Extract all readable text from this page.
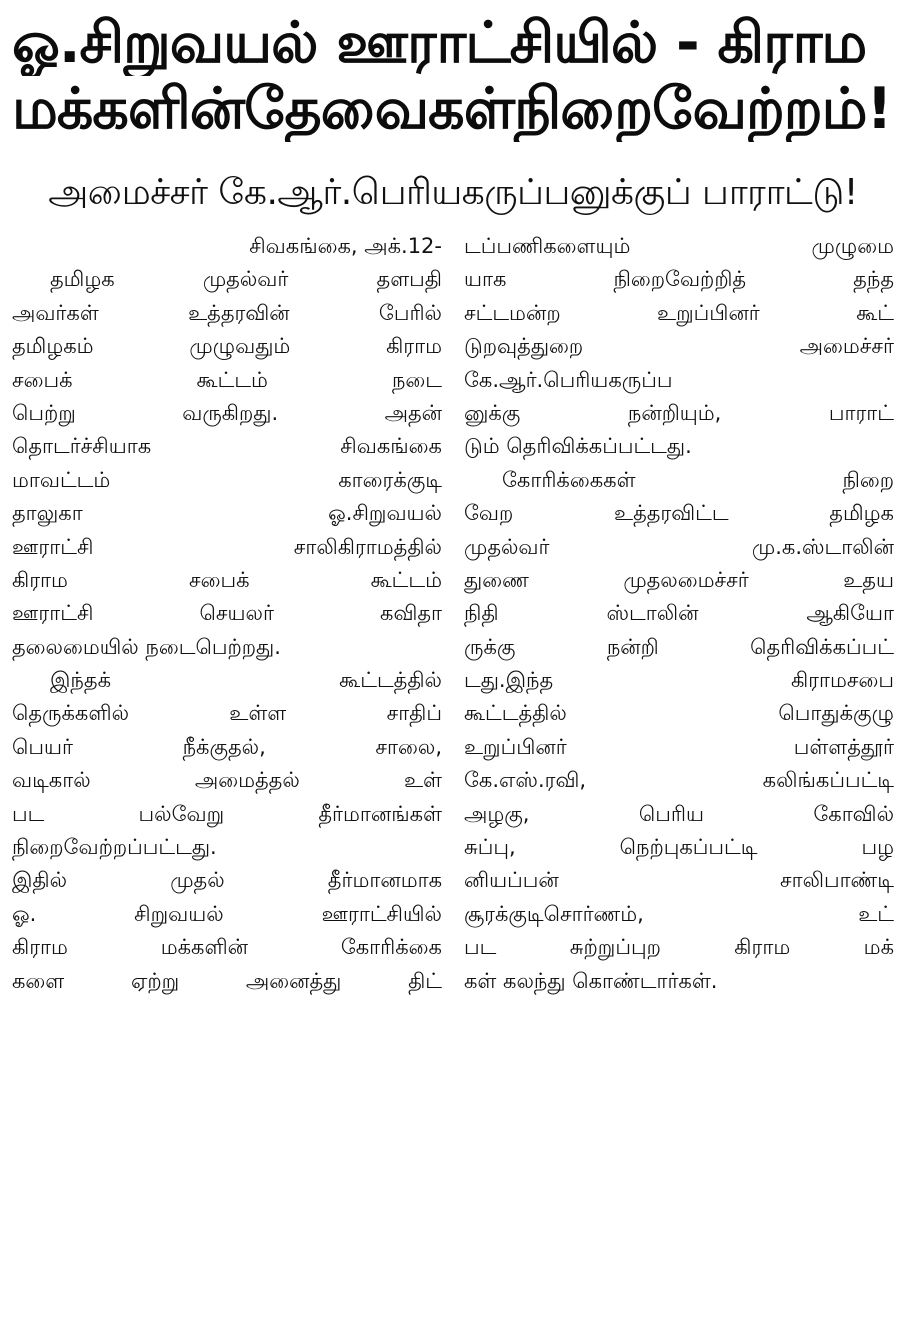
ஓ.சிறுவயல் ஊராட்சியில் - கிராம
மக்களின் தேவைகள் நிறைவேற்றம்!
அமைச்சர் கே.ஆர்.பெரியகருப்பனுக்குப் பாராட்டு!
சிவகங்கை, அக்.12-
தமிழக முதல்வர் தளபதி
அவர்கள் உத்தரவின் பேரில்
தமிழகம் முழுவதும் கிராம
சபைக் கூட்டம் நடை
பெற்று வருகிறது. அதன்
தொடர்ச்சியாக சிவகங்கை
மாவட்டம் காரைக்குடி
தாலுகா ஓ.சிறுவயல்
ஊராட்சி சாலிகிராமத்தில்
கிராம சபைக் கூட்டம்
ஊராட்சி செயலர் கவிதா
தலைமையில் நடைபெற்றது.
இந்தக் கூட்டத்தில்
தெருக்களில் உள்ள சாதிப்
பெயர் நீக்குதல், சாலை,
வடிகால் அமைத்தல் உள்
பட பல்வேறு தீர்மானங்கள்
நிறைவேற்றப்பட்டது.
இதில் முதல் தீர்மானமாக
ஓ. சிறுவயல் ஊராட்சியில்
கிராம மக்களின் கோரிக்கை
களை ஏற்று அனைத்து திட்
டப்பணிகளையும் முழுமை
யாக நிறைவேற்றித் தந்த
சட்டமன்ற உறுப்பினர் கூட்
டுறவுத்துறை அமைச்சர்
கே.ஆர்.பெரியகருப்ப
னுக்கு நன்றியும், பாராட்
டும் தெரிவிக்கப்பட்டது.
கோரிக்கைகள் நிறை
வேற உத்தரவிட்ட தமிழக
முதல்வர் மு.க.ஸ்டாலின்
துணை முதலமைச்சர் உதய
நிதி ஸ்டாலின் ஆகியோ
ருக்கு நன்றி தெரிவிக்கப்பட்
டது.இந்த கிராமசபை
கூட்டத்தில் பொதுக்குழு
உறுப்பினர் பள்ளத்தூர்
கே.எஸ்.ரவி, கலிங்கப்பட்டி
அழகு, பெரிய கோவில்
சுப்பு, நெற்புகப்பட்டி பழ
னியப்பன் சாலிபாண்டி
சூரக்குடிசொர்ணம், உட்
பட சுற்றுப்புற கிராம மக்
கள் கலந்து கொண்டார்கள்.
